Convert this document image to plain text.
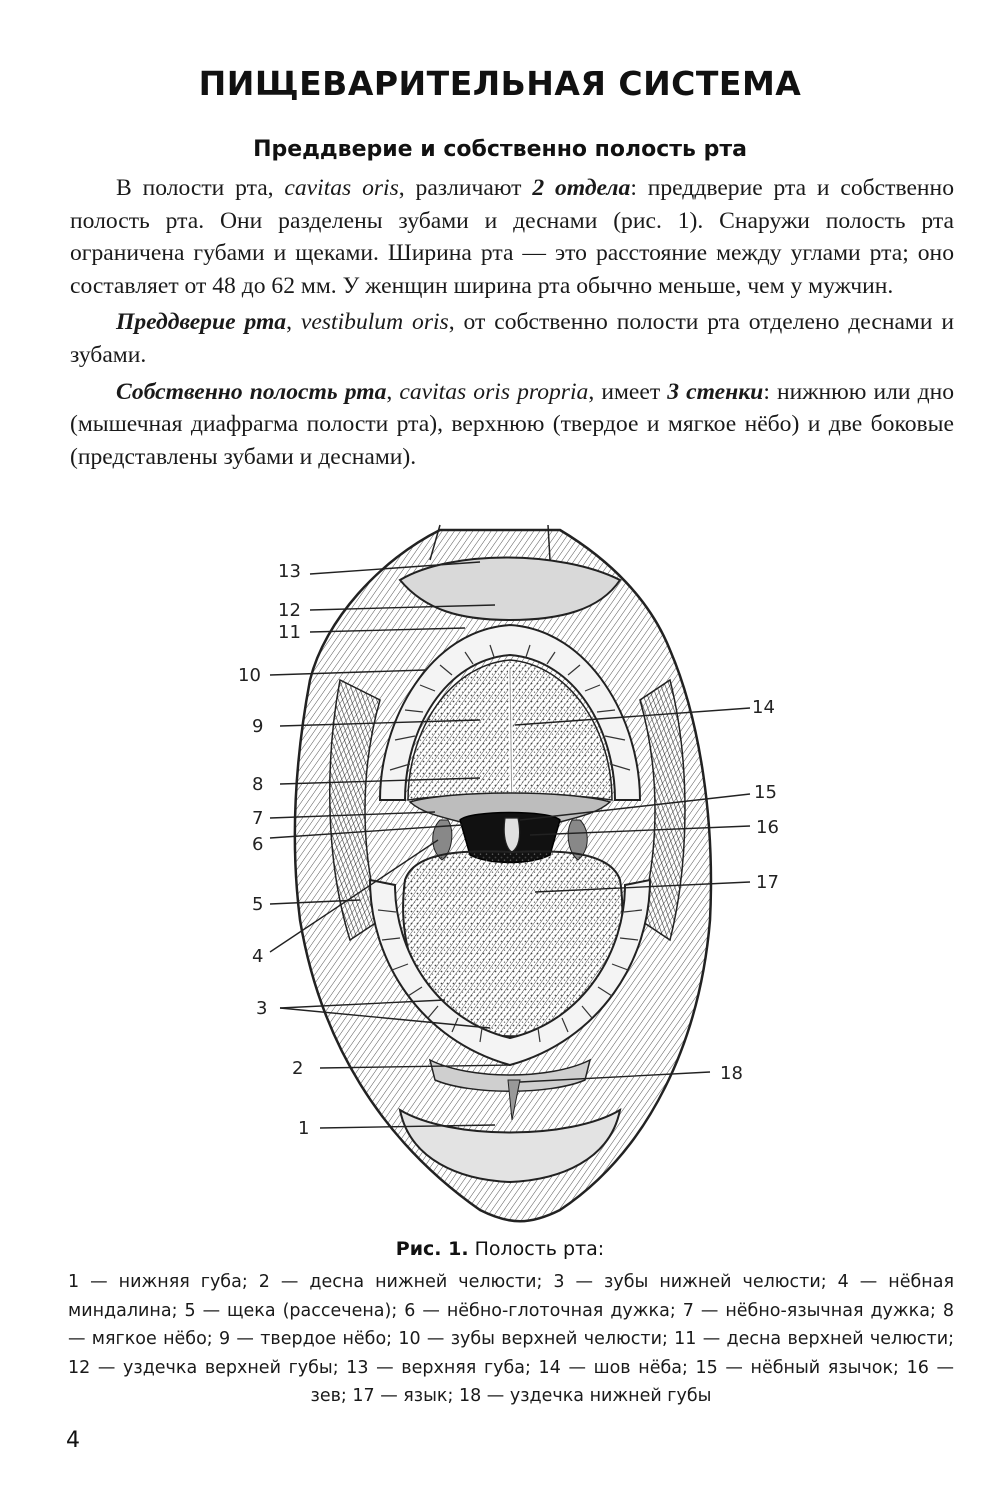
ПИЩЕВАРИТЕЛЬНАЯ СИСТЕМА
Преддверие и собственно полость рта

В полости рта, cavitas oris, различают 2 отдела: преддверие рта и собственно полость рта. Они разделены зубами и деснами (рис. 1). Снаружи полость рта ограничена губами и щеками. Ширина рта — это расстояние между углами рта; оно составляет от 48 до 62 мм. У женщин ширина рта обычно меньше, чем у мужчин.

Преддверие рта, vestibulum oris, от собственно полости рта отделено деснами и зубами.

Собственно полость рта, cavitas oris propria, имеет 3 стенки: нижнюю или дно (мышечная диафрагма полости рта), верхнюю (твердое и мягкое нёбо) и две боковые (представлены зубами и деснами).

13
12
11
10
9
8
7
6
5
4
3
2
1
14
15
16
17
18
Рис. 1. Полость рта:
1 — нижняя губа; 2 — десна нижней челюсти; 3 — зубы нижней челюсти; 4 — нёбная миндалина; 5 — щека (рассечена); 6 — нёбно-глоточная дужка; 7 — нёбно-язычная дужка; 8 — мягкое нёбо; 9 — твердое нёбо; 10 — зубы верхней челюсти; 11 — десна верхней челюсти; 12 — уздечка верхней губы; 13 — верхняя губа; 14 — шов нёба; 15 — нёбный язычок; 16 — зев; 17 — язык; 18 — уздечка нижней губы
4
